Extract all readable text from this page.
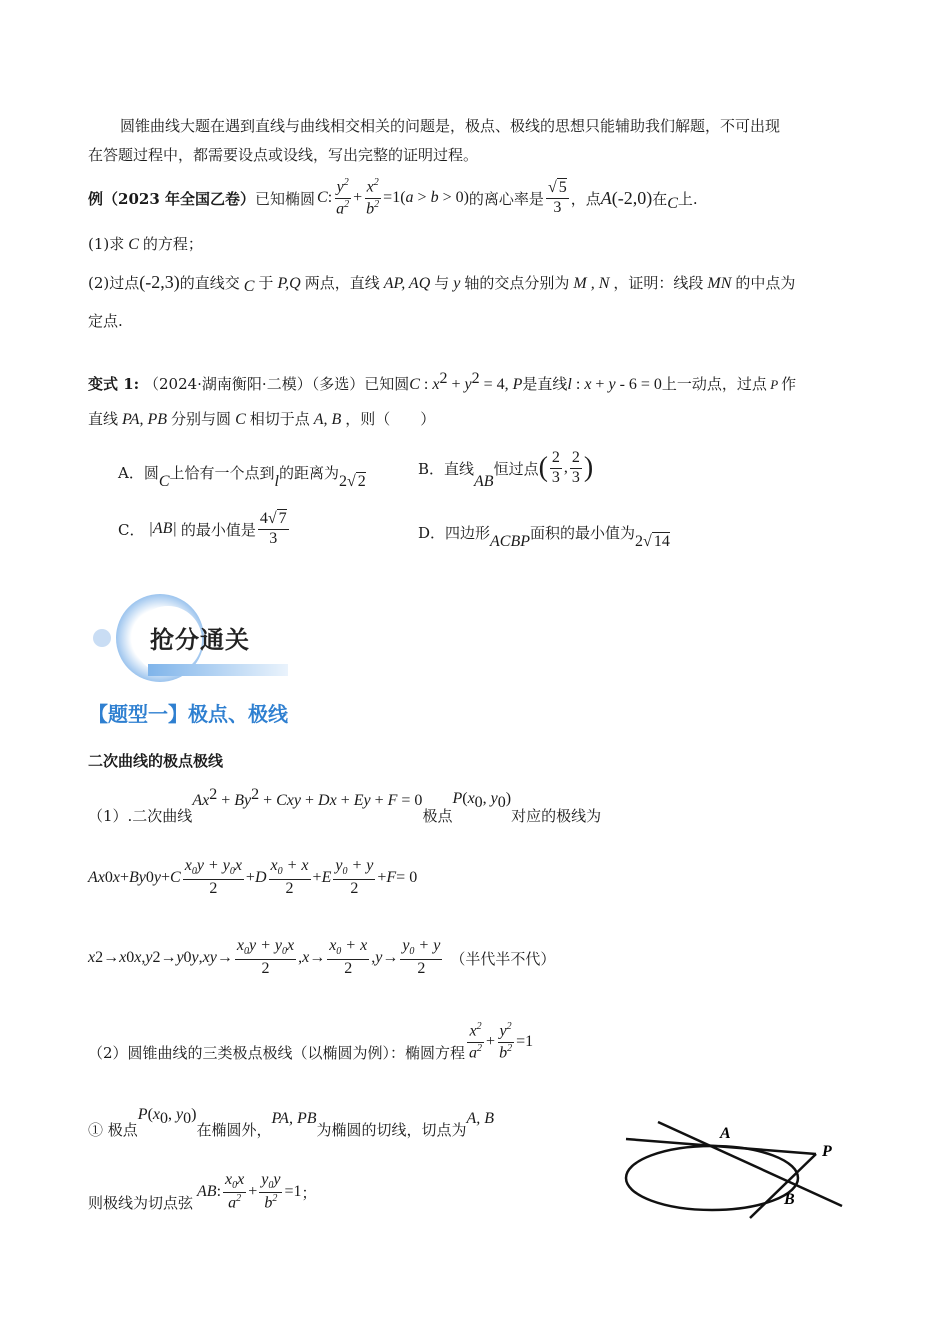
圆锥曲线大题在遇到直线与曲线相交相关的问题是，极点、极线的思想只能辅助我们解题，不可出现
在答题过程中，都需要设点或设线，写出完整的证明过程。
例 （2023 年全国乙卷） 已知椭圆 C : $\frac{y^2}{a^2} + \frac{x^2}{b^2} =1(a > b > 0)$ 的离心率是 $\frac{√ 5}{3}$ ，点 A (-2,0) 在 C 上.
(1)求 C 的方程；
(2)过点(-2,3)的直线交 C 于 P,Q 两点，直线 AP, AQ 与 y 轴的交点分别为 M , N ，证明：线段 MN 的中点为
定点.
变式 1: （2024·湖南衡阳·二模）（多选）已知圆C : $x^2 + y^2 = 4$, P是直线l : x + y - 6 = 0上一动点，过点 P 作
直线 PA, PB 分别与圆 C 相切于点 A, B ，则（　　）
A．圆 C 上恰有一个点到 l 的距离为 2√ 2
B．直线
AB
恒过点 ( $\frac{2}{3}$ , $\frac{2}{3}$ )
C． |AB| 的最小值是 $\frac{4√ 7}{3}$	D．四边形 ACBP 面积的最小值为 2√ 14
抢分通关
【题型一】极点、极线
二次曲线的极点极线
（1）.二次曲线
$Ax^2 + By^2$ + Cxy + Dx + Ey + F = 0
极点
$P(x_0$, $y_0$)
对应的极线为
Ax 0 x + By 0 y + C $\frac{x_0y + y_0x}{2} + D \frac{x_0 + x}{2} + E \frac{y_0 + y}{2} + F = 0$
x 2 → x 0 x , y 2 → y 0 y , xy → $\frac{x_0y + y_0x}{2}$ , $x \to \frac{x_0 + x}{2}$ , $y \to \frac{y_0 + y}{2}$ （半代半不代）
（2）圆锥曲线的三类极点极线（以椭圆为例）：椭圆方程 $\frac{x^2}{a^2} + \frac{y^2}{b^2} =1$
① 极点
$P(x_0$, $y_0$)
在椭圆外，
PA, PB
为椭圆的切线，切点为
A, B
则极线为切点弦
AB : $\frac{x_0x}{a^2} + \frac{y_0y}{b^2} =1$ ；
A
P
B
